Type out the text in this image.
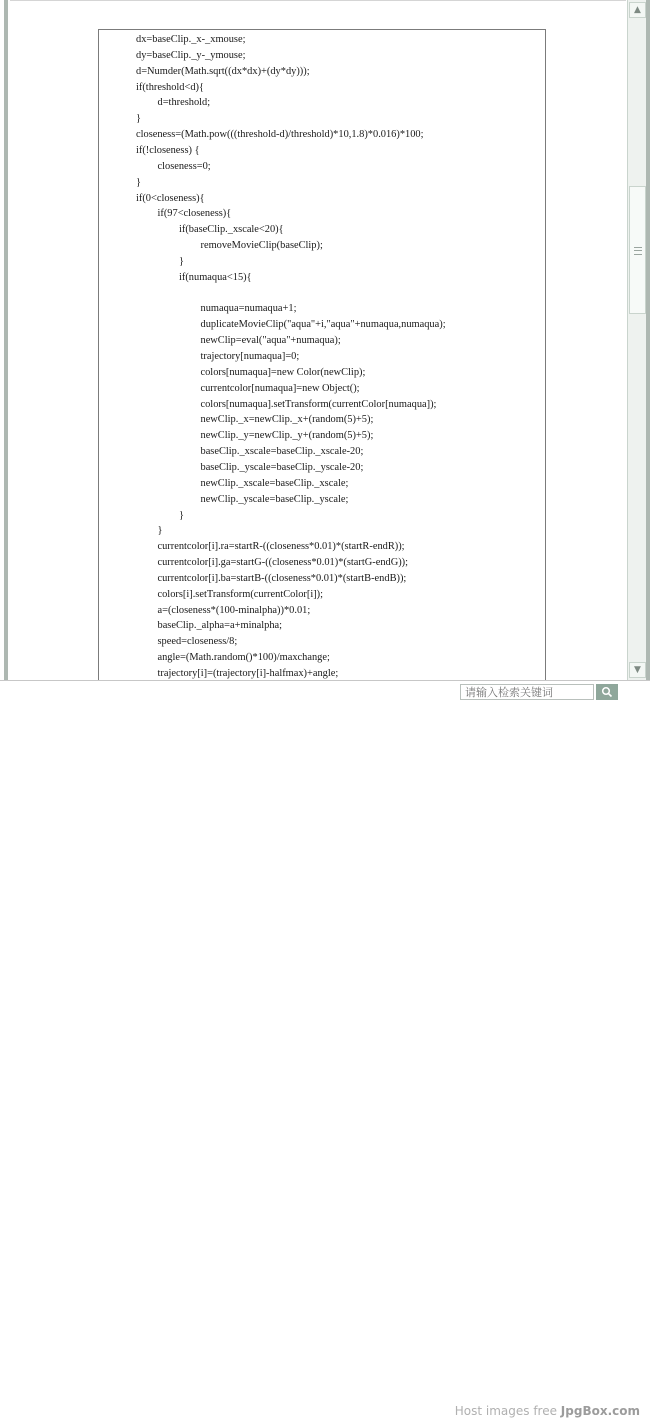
dx=baseClip._x-_xmouse;
dy=baseClip._y-_ymouse;
d=Numder(Math.sqrt((dx*dx)+(dy*dy)));
if(threshold<d){
d=threshold;
}
closeness=(Math.pow(((threshold-d)/threshold)*10,1.8)*0.016)*100;
if(!closeness) {
closeness=0;
}
if(0<closeness){
if(97<closeness){
if(baseClip._xscale<20){
removeMovieClip(baseClip);
}
if(numaqua<15){
numaqua=numaqua+1;
duplicateMovieClip("aqua"+i,"aqua"+numaqua,numaqua);
newClip=eval("aqua"+numaqua);
trajectory[numaqua]=0;
colors[numaqua]=new Color(newClip);
currentcolor[numaqua]=new Object();
colors[numaqua].setTransform(currentColor[numaqua]);
newClip._x=newClip._x+(random(5)+5);
newClip._y=newClip._y+(random(5)+5);
baseClip._xscale=baseClip._xscale-20;
baseClip._yscale=baseClip._yscale-20;
newClip._xscale=baseClip._xscale;
newClip._yscale=baseClip._yscale;
}
}
currentcolor[i].ra=startR-((closeness*0.01)*(startR-endR));
currentcolor[i].ga=startG-((closeness*0.01)*(startG-endG));
currentcolor[i].ba=startB-((closeness*0.01)*(startB-endB));
colors[i].setTransform(currentColor[i]);
a=(closeness*(100-minalpha))*0.01;
baseClip._alpha=a+minalpha;
speed=closeness/8;
angle=(Math.random()*100)/maxchange;
trajectory[i]=(trajectory[i]-halfmax)+angle;
▲
▼
请输入检索关键词
Host images free JpgBox.com
